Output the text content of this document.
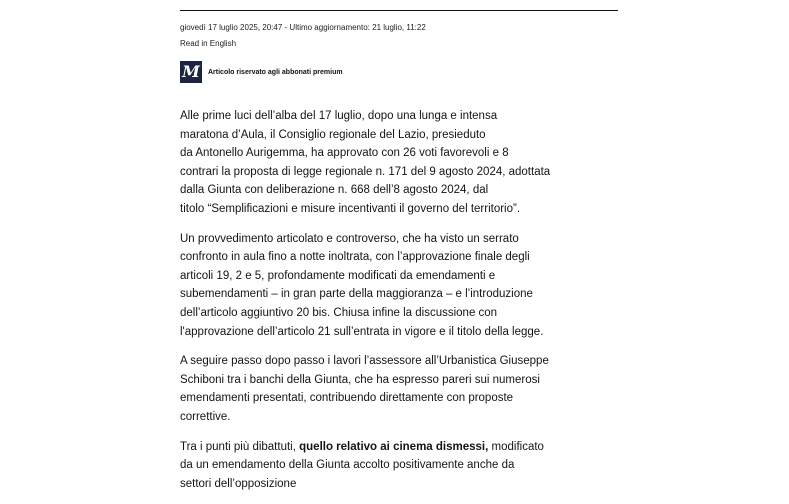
giovedì 17 luglio 2025, 20:47 - Ultimo aggiornamento: 21 luglio, 11:22
Read in English
M	Articolo riservato agli abbonati premium

Alle prime luci dell’alba del 17 luglio, dopo una lunga e intensa
maratona d’Aula, il Consiglio regionale del Lazio, presieduto
da Antonello Aurigemma, ha approvato con 26 voti favorevoli e 8
contrari la proposta di legge regionale n. 171 del 9 agosto 2024, adottata
dalla Giunta con deliberazione n. 668 dell’8 agosto 2024, dal
titolo “Semplificazioni e misure incentivanti il governo del territorio”.

Un provvedimento articolato e controverso, che ha visto un serrato
confronto in aula fino a notte inoltrata, con l’approvazione finale degli
articoli 19, 2 e 5, profondamente modificati da emendamenti e
subemendamenti – in gran parte della maggioranza – e l’introduzione
dell’articolo aggiuntivo 20 bis. Chiusa infine la discussione con
l'approvazione dell’articolo 21 sull’entrata in vigore e il titolo della legge.

A seguire passo dopo passo i lavori l’assessore all’Urbanistica Giuseppe
Schiboni tra i banchi della Giunta, che ha espresso pareri sui numerosi
emendamenti presentati, contribuendo direttamente con proposte
correttive.

Tra i punti più dibattuti, quello relativo ai cinema dismessi, modificato
da un emendamento della Giunta accolto positivamente anche da
settori dell’opposizione
